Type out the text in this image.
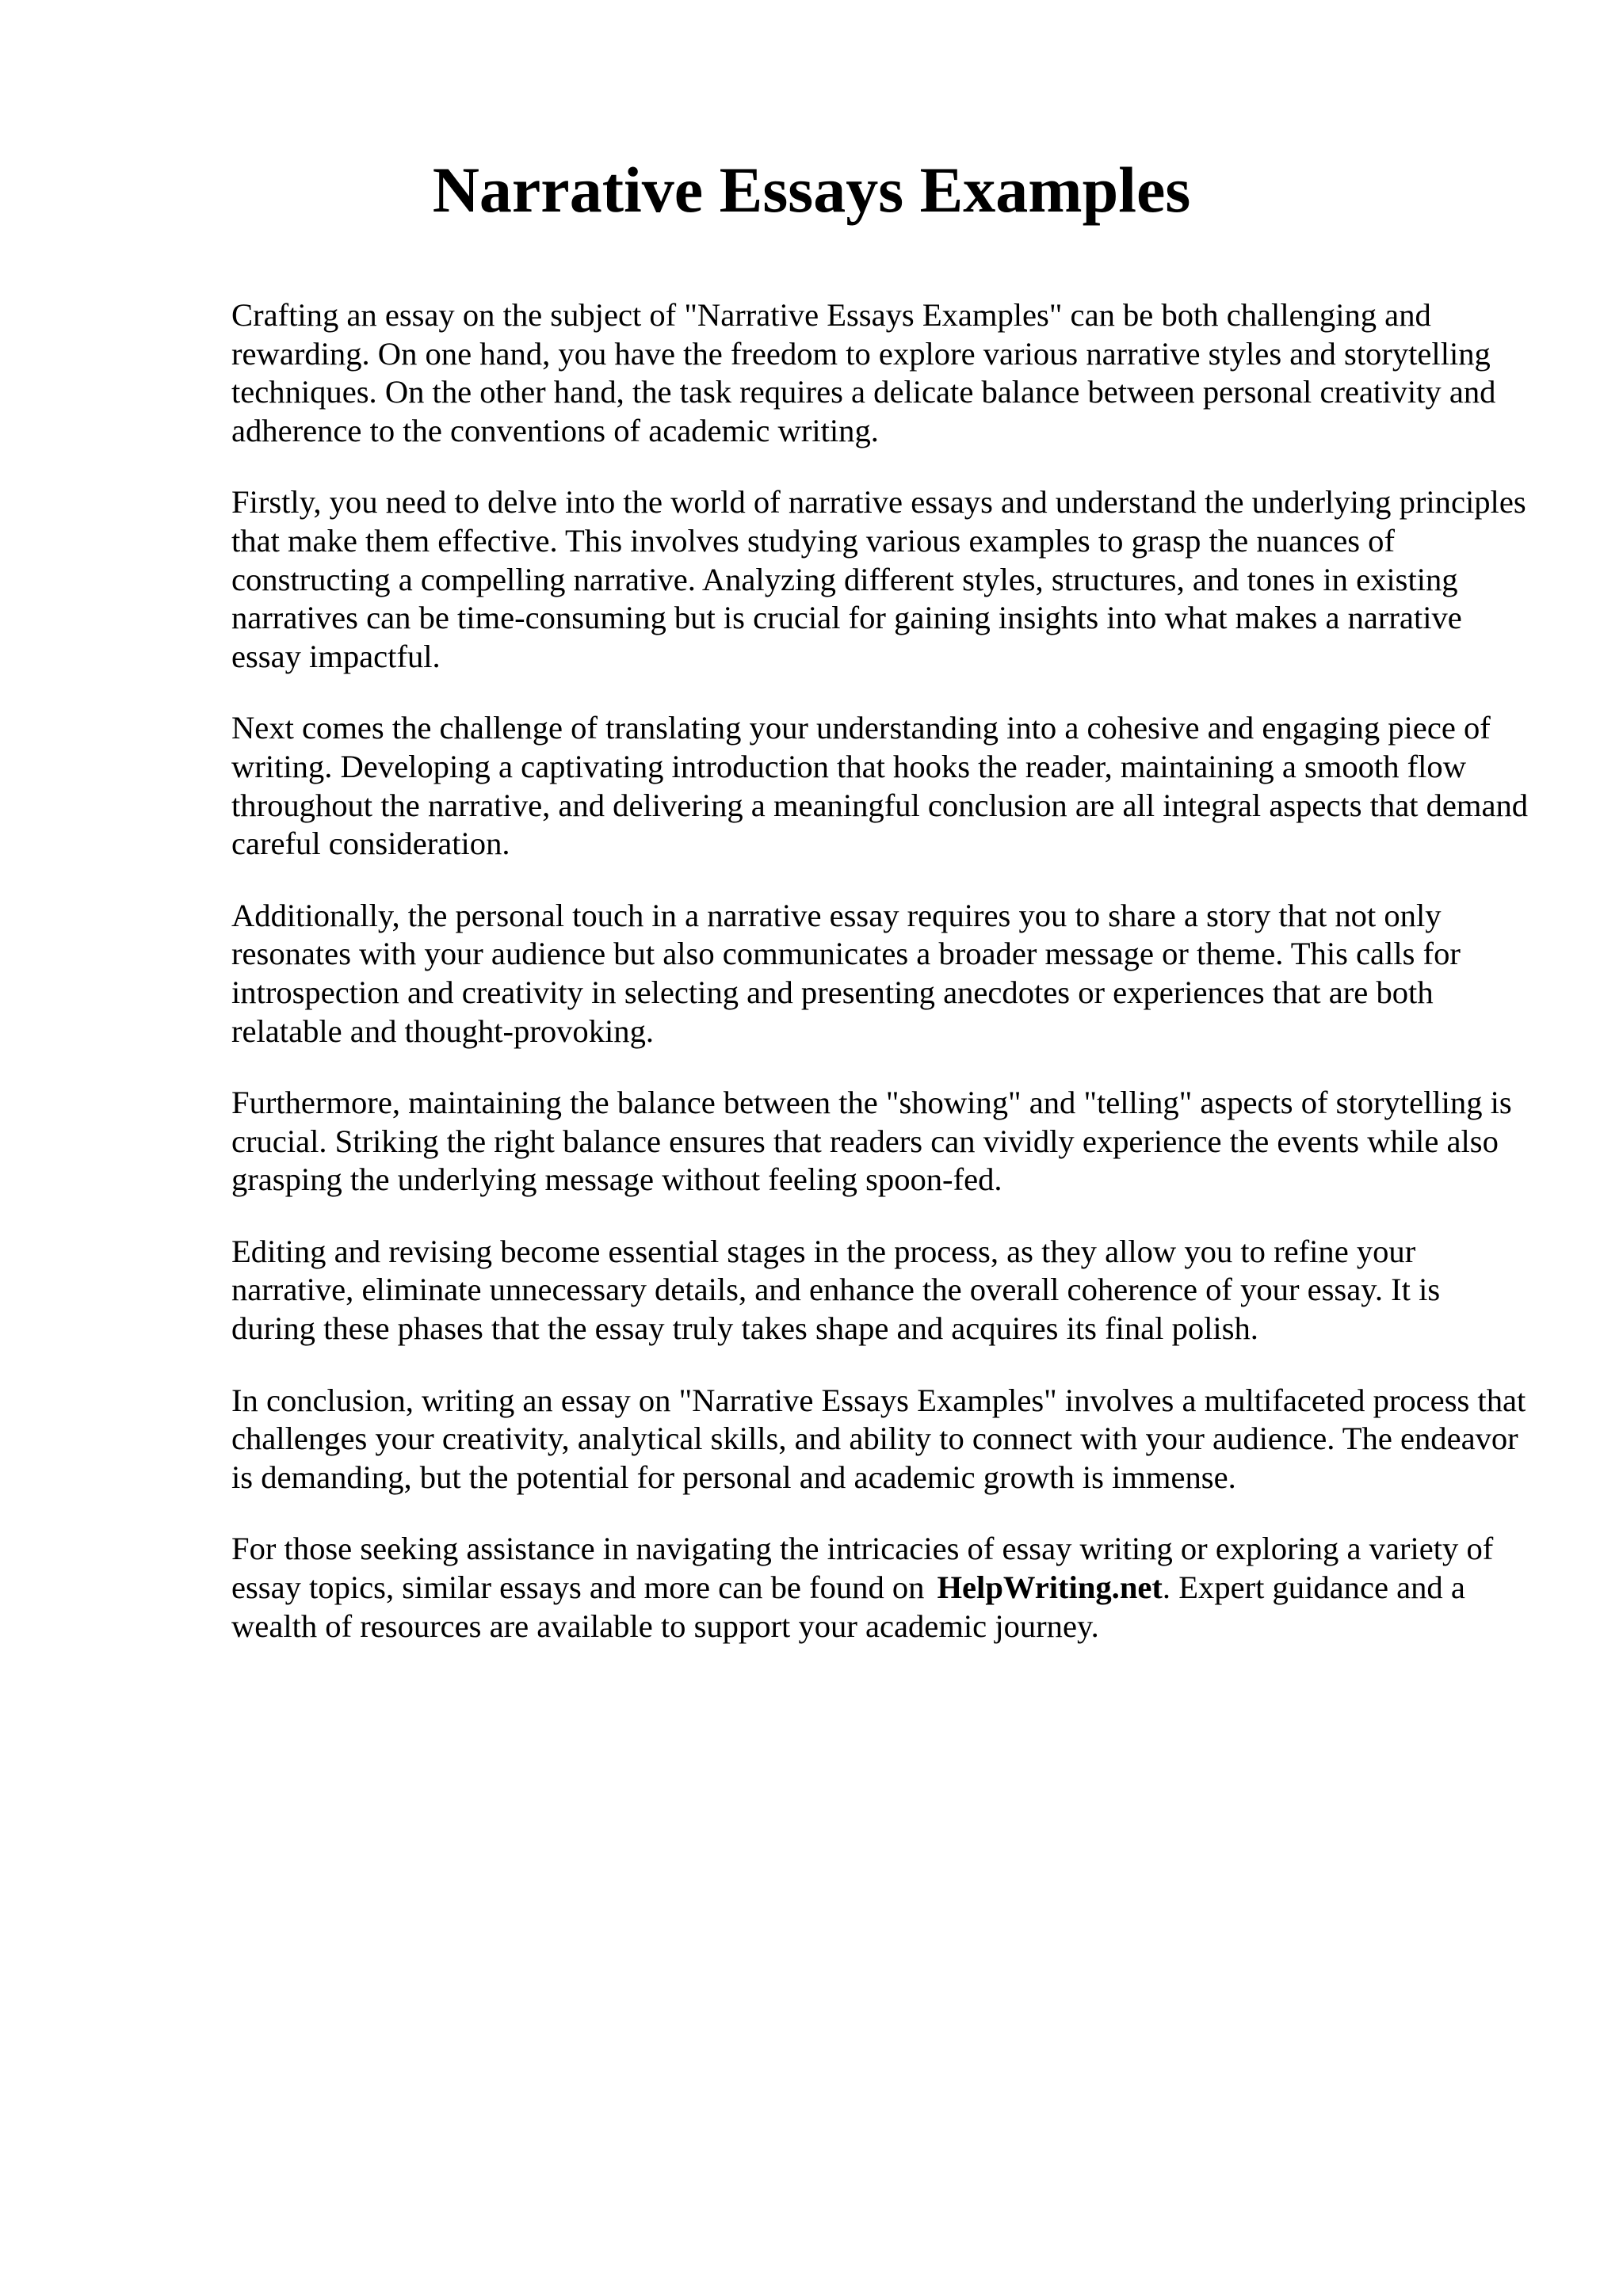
Narrative Essays Examples

Crafting an essay on the subject of "Narrative Essays Examples" can be both challenging and rewarding. On one hand, you have the freedom to explore various narrative styles and storytelling techniques. On the other hand, the task requires a delicate balance between personal creativity and adherence to the conventions of academic writing.

Firstly, you need to delve into the world of narrative essays and understand the underlying principles that make them effective. This involves studying various examples to grasp the nuances of constructing a compelling narrative. Analyzing different styles, structures, and tones in existing narratives can be time-consuming but is crucial for gaining insights into what makes a narrative essay impactful.

Next comes the challenge of translating your understanding into a cohesive and engaging piece of writing. Developing a captivating introduction that hooks the reader, maintaining a smooth flow throughout the narrative, and delivering a meaningful conclusion are all integral aspects that demand careful consideration.

Additionally, the personal touch in a narrative essay requires you to share a story that not only resonates with your audience but also communicates a broader message or theme. This calls for introspection and creativity in selecting and presenting anecdotes or experiences that are both relatable and thought-provoking.

Furthermore, maintaining the balance between the "showing" and "telling" aspects of storytelling is crucial. Striking the right balance ensures that readers can vividly experience the events while also grasping the underlying message without feeling spoon-fed.

Editing and revising become essential stages in the process, as they allow you to refine your narrative, eliminate unnecessary details, and enhance the overall coherence of your essay. It is during these phases that the essay truly takes shape and acquires its final polish.

In conclusion, writing an essay on "Narrative Essays Examples" involves a multifaceted process that challenges your creativity, analytical skills, and ability to connect with your audience. The endeavor is demanding, but the potential for personal and academic growth is immense.

For those seeking assistance in navigating the intricacies of essay writing or exploring a variety of essay topics, similar essays and more can be found on HelpWriting.net. Expert guidance and a wealth of resources are available to support your academic journey.
